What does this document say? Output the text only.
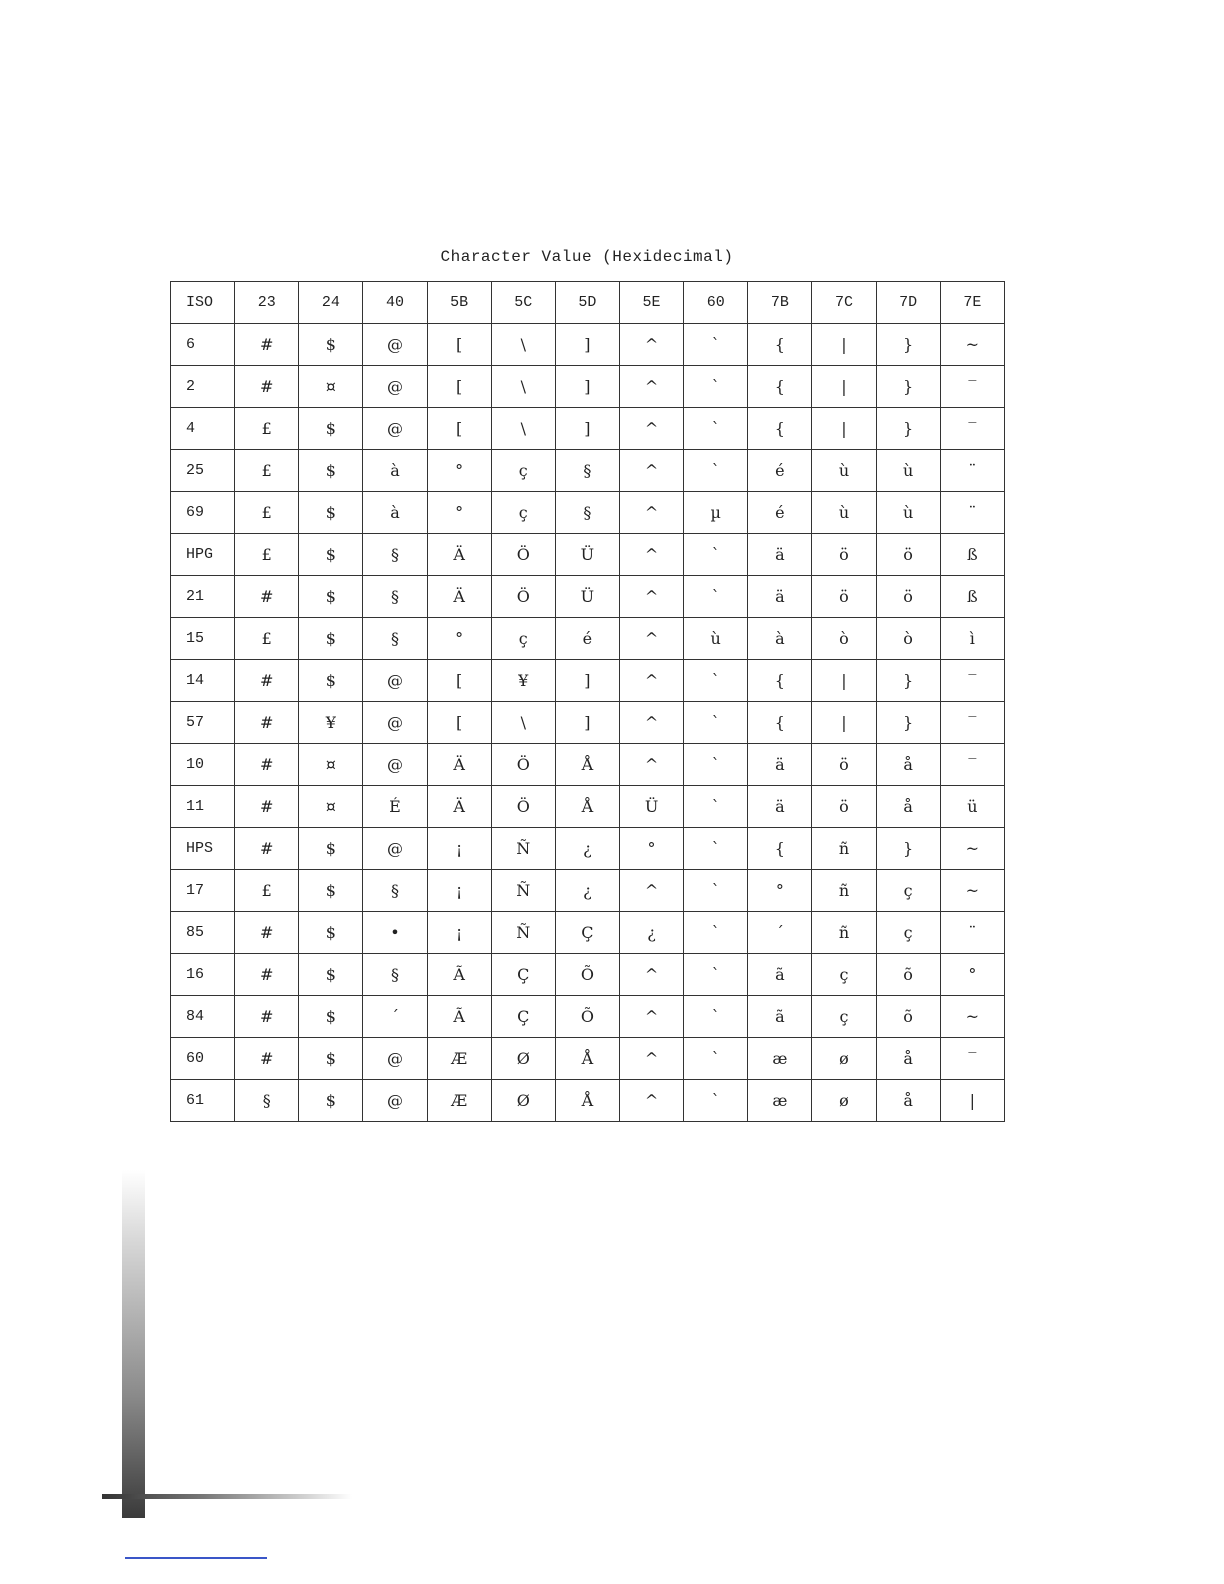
Character Value (Hexidecimal)
ISO	23	24	40	5B	5C	5D	5E	60	7B	7C	7D	7E
6	#	$	@	[	\	]	^	`	{	|	}	~
2	#	¤	@	[	\	]	^	`	{	|	}	‾
4	£	$	@	[	\	]	^	`	{	|	}	‾
25	£	$	à	°	ç	§	^	`	é	ù	ù	¨
69	£	$	à	°	ç	§	^	µ	é	ù	ù	¨
HPG	£	$	§	Ä	Ö	Ü	^	`	ä	ö	ö	ß
21	#	$	§	Ä	Ö	Ü	^	`	ä	ö	ö	ß
15	£	$	§	°	ç	é	^	ù	à	ò	ò	ì
14	#	$	@	[	¥	]	^	`	{	|	}	‾
57	#	¥	@	[	\	]	^	`	{	|	}	‾
10	#	¤	@	Ä	Ö	Å	^	`	ä	ö	å	‾
11	#	¤	É	Ä	Ö	Å	Ü	`	ä	ö	å	ü
HPS	#	$	@	¡	Ñ	¿	°	`	{	ñ	}	~
17	£	$	§	¡	Ñ	¿	^	`	°	ñ	ç	~
85	#	$	•	¡	Ñ	Ç	¿	`	´	ñ	ç	¨
16	#	$	§	Ã	Ç	Õ	^	`	ã	ç	õ	°
84	#	$	´	Ã	Ç	Õ	^	`	ã	ç	õ	~
60	#	$	@	Æ	Ø	Å	^	`	æ	ø	å	‾
61	§	$	@	Æ	Ø	Å	^	`	æ	ø	å	|
